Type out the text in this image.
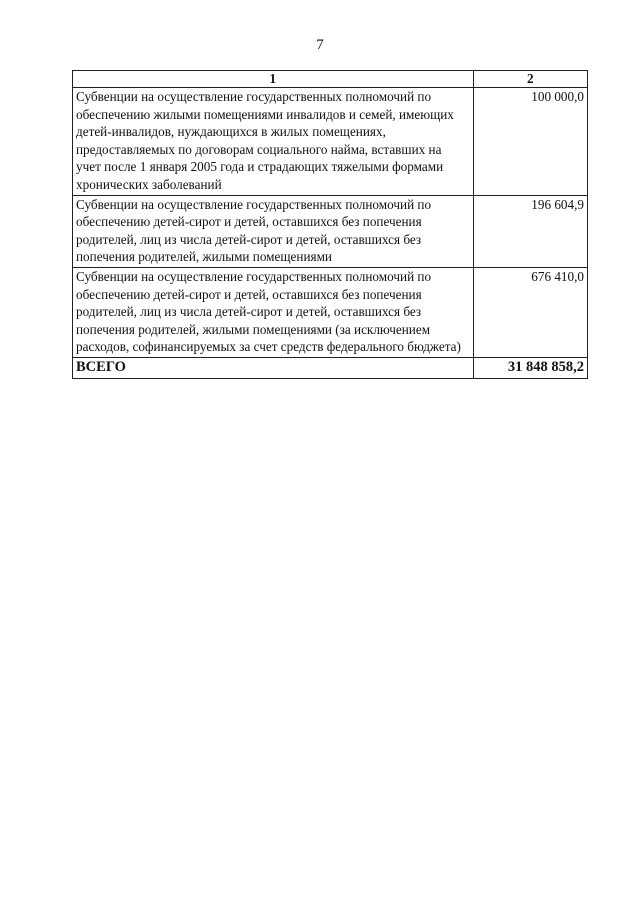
7
1	2
Субвенции на осуществление государственных полномочий по обеспечению жилыми помещениями инвалидов и семей, имеющих детей-инвалидов, нуждающихся в жилых помещениях, предоставляемых по договорам социального найма, вставших на учет после 1 января 2005 года и страдающих тяжелыми формами хронических заболеваний	100 000,0
Субвенции на осуществление государственных полномочий по обеспечению детей-сирот и детей, оставшихся без попечения родителей, лиц из числа детей-сирот и детей, оставшихся без попечения родителей, жилыми помещениями	196 604,9
Субвенции на осуществление государственных полномочий по обеспечению детей-сирот и детей, оставшихся без попечения родителей, лиц из числа детей-сирот и детей, оставшихся без попечения родителей, жилыми помещениями (за исключением расходов, софинансируемых за счет средств федерального бюджета)	676 410,0
ВСЕГО	31 848 858,2
